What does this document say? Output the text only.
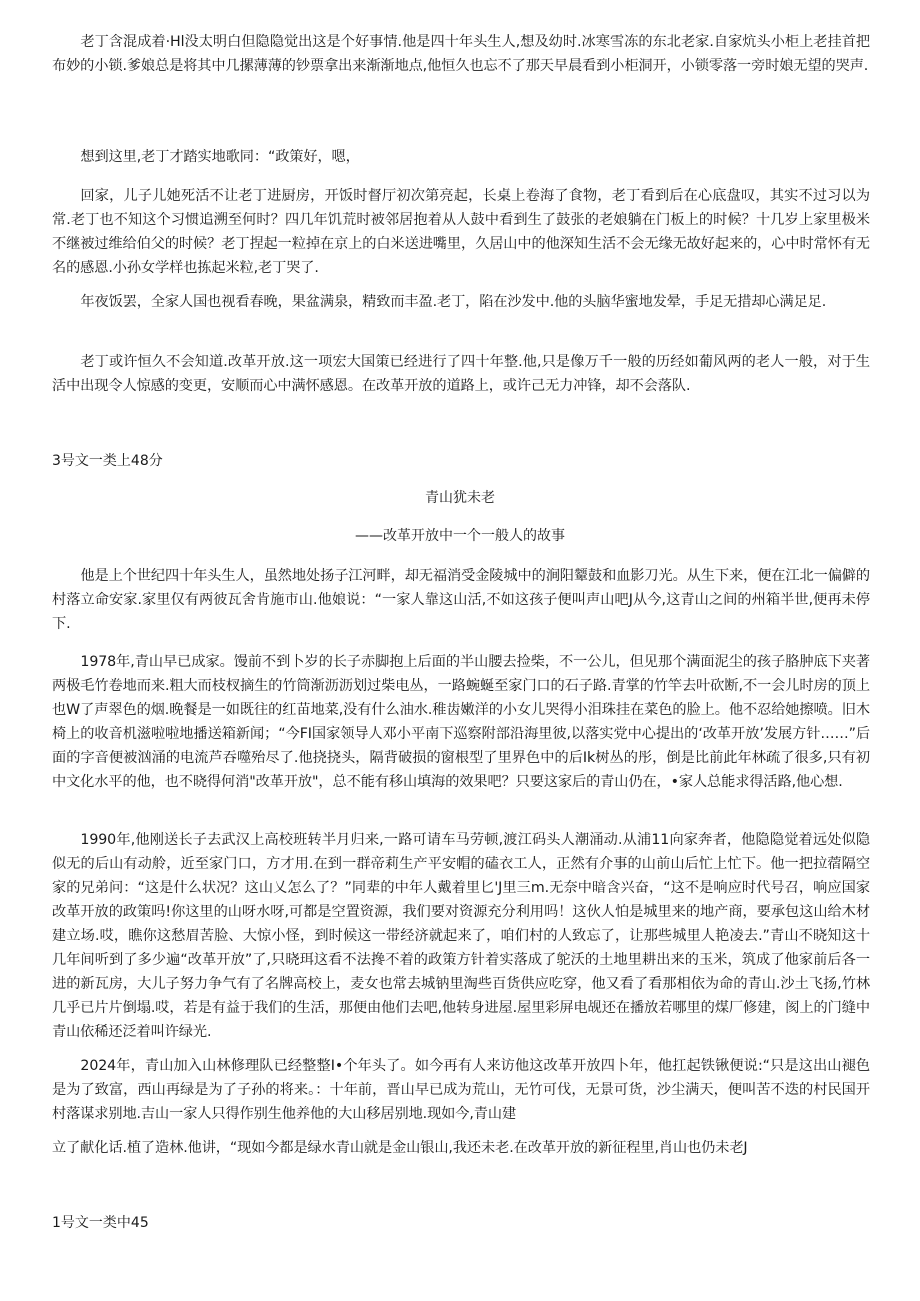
老丁含混成着·Hl没太明白但隐隐觉出这是个好事情.他是四十年头生人,想及幼时.冰寒雪冻的东北老家.自家炕头小柜上老挂首把布妙的小锁.爹娘总是将其中几摞薄薄的钞票拿出来渐渐地点,他恒久也忘不了那天早晨看到小柜洞开，小锁零落一旁时娘无望的哭声.

想到这里,老丁才踏实地歌同：“政策好，嗯，

回家，儿子儿她死活不让老丁进厨房，开饭时督厅初次第亮起，长桌上卷海了食物，老丁看到后在心底盘叹，其实不过习以为常.老丁也不知这个习惯追溯至何时？四几年饥荒时被邻居抱着从人鼓中看到生了鼓张的老娘躺在门板上的时候？十几岁上家里极米不继被过维给伯父的时候？老丁捏起一粒掉在京上的白米送进嘴里，久居山中的他深知生活不会无缘无故好起来的，心中时常怀有无名的感恩.小孙女学样也拣起米粒,老丁哭了.

年夜饭罢，全家人国也视看春晚，果盆满泉，精致而丰盈.老丁，陷在沙发中.他的头脑华蜜地发晕，手足无措却心满足足.

老丁或许恒久不会知道.改革开放.这一项宏大国策已经进行了四十年整.他,只是像万千一般的历经如葡风两的老人一般，对于生活中出现令人惊感的变更，安顺而心中满怀感恩。在改革开放的道路上，或许己无力冲锋，却不会落队.

3号文一类上48分

青山犹未老

——改革开放中一个一般人的故事

他是上个世纪四十年头生人，虽然地处扬子江河畔，却无福消受金陵城中的涧阳颦鼓和血影刀光。从生下来，便在江北一偏僻的村落立命安家.家里仅有两彼瓦舍肯施市山.他娘说：“一家人靠这山活,不如这孩子便叫声山吧J从今,这青山之间的州箱半世,便再未停下.

1978年,青山早已成家。馒前不到卜岁的长子赤脚抱上后面的半山腰去捡柴，不一公儿，但见那个满面泥尘的孩子胳肿底下夹著两极毛竹卷地而来.粗大而枝杈摘生的竹筒渐沥沥划过柴电丛，一路蜿蜒至家门口的石子路.青掌的竹竿去叶砍断,不一会儿时房的顶上也W了声翠色的烟.晚餐是一如既往的红苗地菜,没有什么油水.稚齿嫩洋的小女儿哭得小泪珠挂在菜色的脸上。他不忍给她擦喷。旧木椅上的收音机滋啦啦地播送箱新闻；“今FI国家领导人邓小平南下巡察附部沿海里彼,以落实党中心提出的‘改革开放’发展方针……”后面的字音便被汹涌的电流芦吞噬殆尽了.他挠挠头，隔背破损的窗根型了里界色中的后Ik树丛的彤，倒是比前此年林疏了很多,只有初中文化水平的他，也不晓得何消"改革开放"，总不能有移山填海的效果吧？只要这家后的青山仍在，•家人总能求得活路,他心想.

1990年,他刚送长子去武汉上高校班转半月归来,一路可请车马劳顿,渡江码头人潮涌动.从浦11向家奔者，他隐隐觉着远处似隐似无的后山有动舲，近至家门口，方才用.在到一群帝莉生产平安帽的磕衣工人，正然有介事的山前山后忙上忙下。他一把拉蓿隔空家的兄弟问：“这是什么状况？这山乂怎么了？”同辈的中年人戴着里匕'J里三m.无奈中暗含兴奋，“这不是响应时代号召，响应国家改革开放的政策吗!你这里的山呀水呀,可都是空置资源，我们要对资源充分利用吗！这伙人怕是城里来的地产商，要承包这山给木材建立场.哎，瞧你这愁眉苦脸、大惊小怪，到时候这一带经济就起来了，咱们村的人致忘了，让那些城里人艳凌去.”青山不晓知这十几年间听到了多少遍“改革开放”了,只晓珥这看不法搀不着的政策方针着实落成了鸵沃的土地里耕出来的玉米，筑成了他家前后各一进的新瓦房，大儿子努力争气有了名牌高校上，麦女也常去城钠里淘些百货供应吃穿，他又看了看那相依为命的青山.沙土飞扬,竹林几乎已片片倒塌.哎，若是有益于我们的生活，那便由他们去吧,他转身进屋.屋里彩屏电觇还在播放若哪里的煤厂修建，阂上的门缝中青山依稀还泛着叫许绿光.

2024年，青山加入山林修理队已经整整I•个年头了。如今再有人来访他这改革开放四卜年，他扛起铁锹便说:“只是这出山褪色是为了致富，西山再绿是为了子孙的将来。：十年前，晋山早已成为荒山，无竹可伐，无景可货，沙尘满天，便叫苦不迭的村民国开村落谋求别地.吉山一家人只得作别生他养他的大山移居别地.现如今,青山建

立了献化话.植了造林.他讲，“现如今都是绿水青山就是金山银山,我还未老.在改革开放的新征程里,肖山也仍未老J

1号文一类中45
